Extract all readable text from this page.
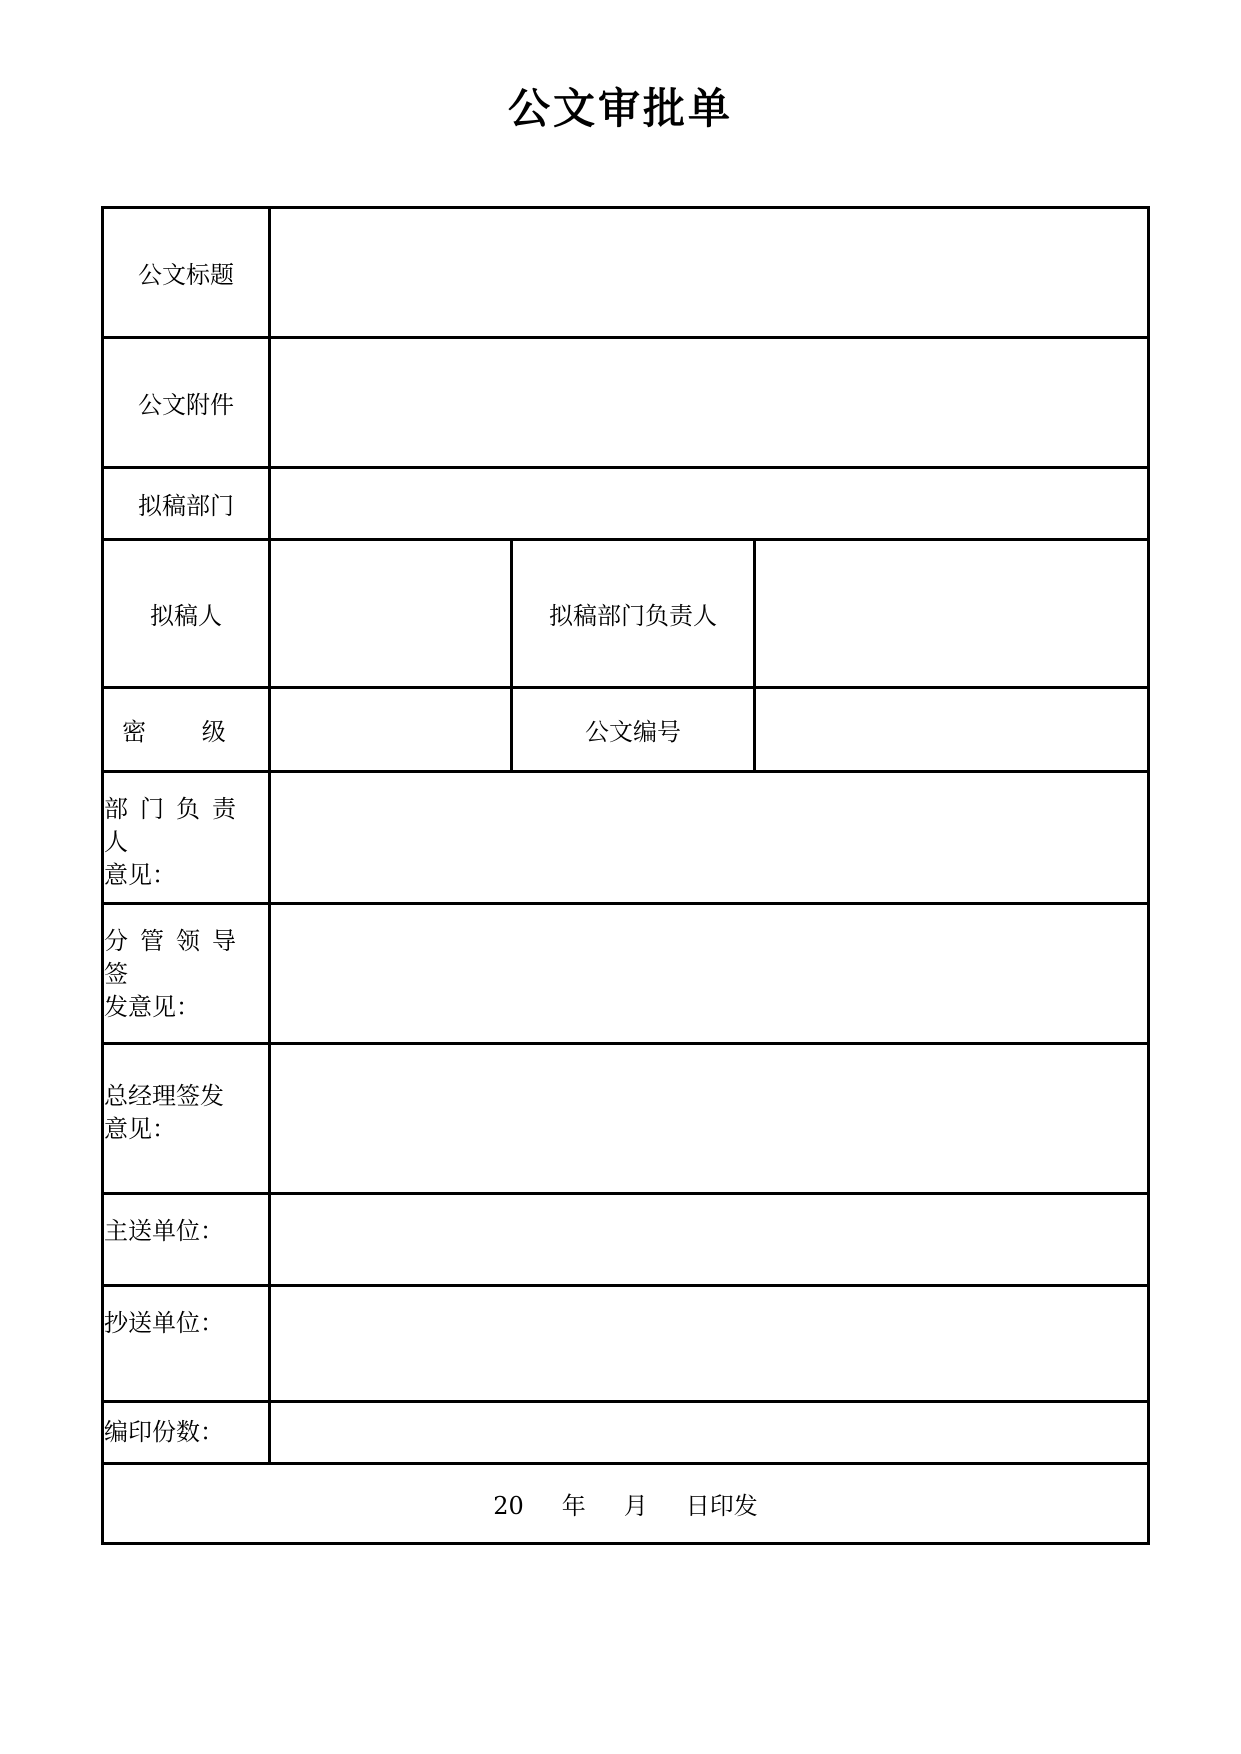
公文审批单
公文标题			
公文附件			
拟稿部门			
拟稿人		拟稿部门负责人	
密 级		公文编号	

部门负责人
意见：			

分管领导签
发意见：			

总经理签发
意见：			

主送单位：			
抄送单位：			
编印份数：			
20 年 月 日印发			
